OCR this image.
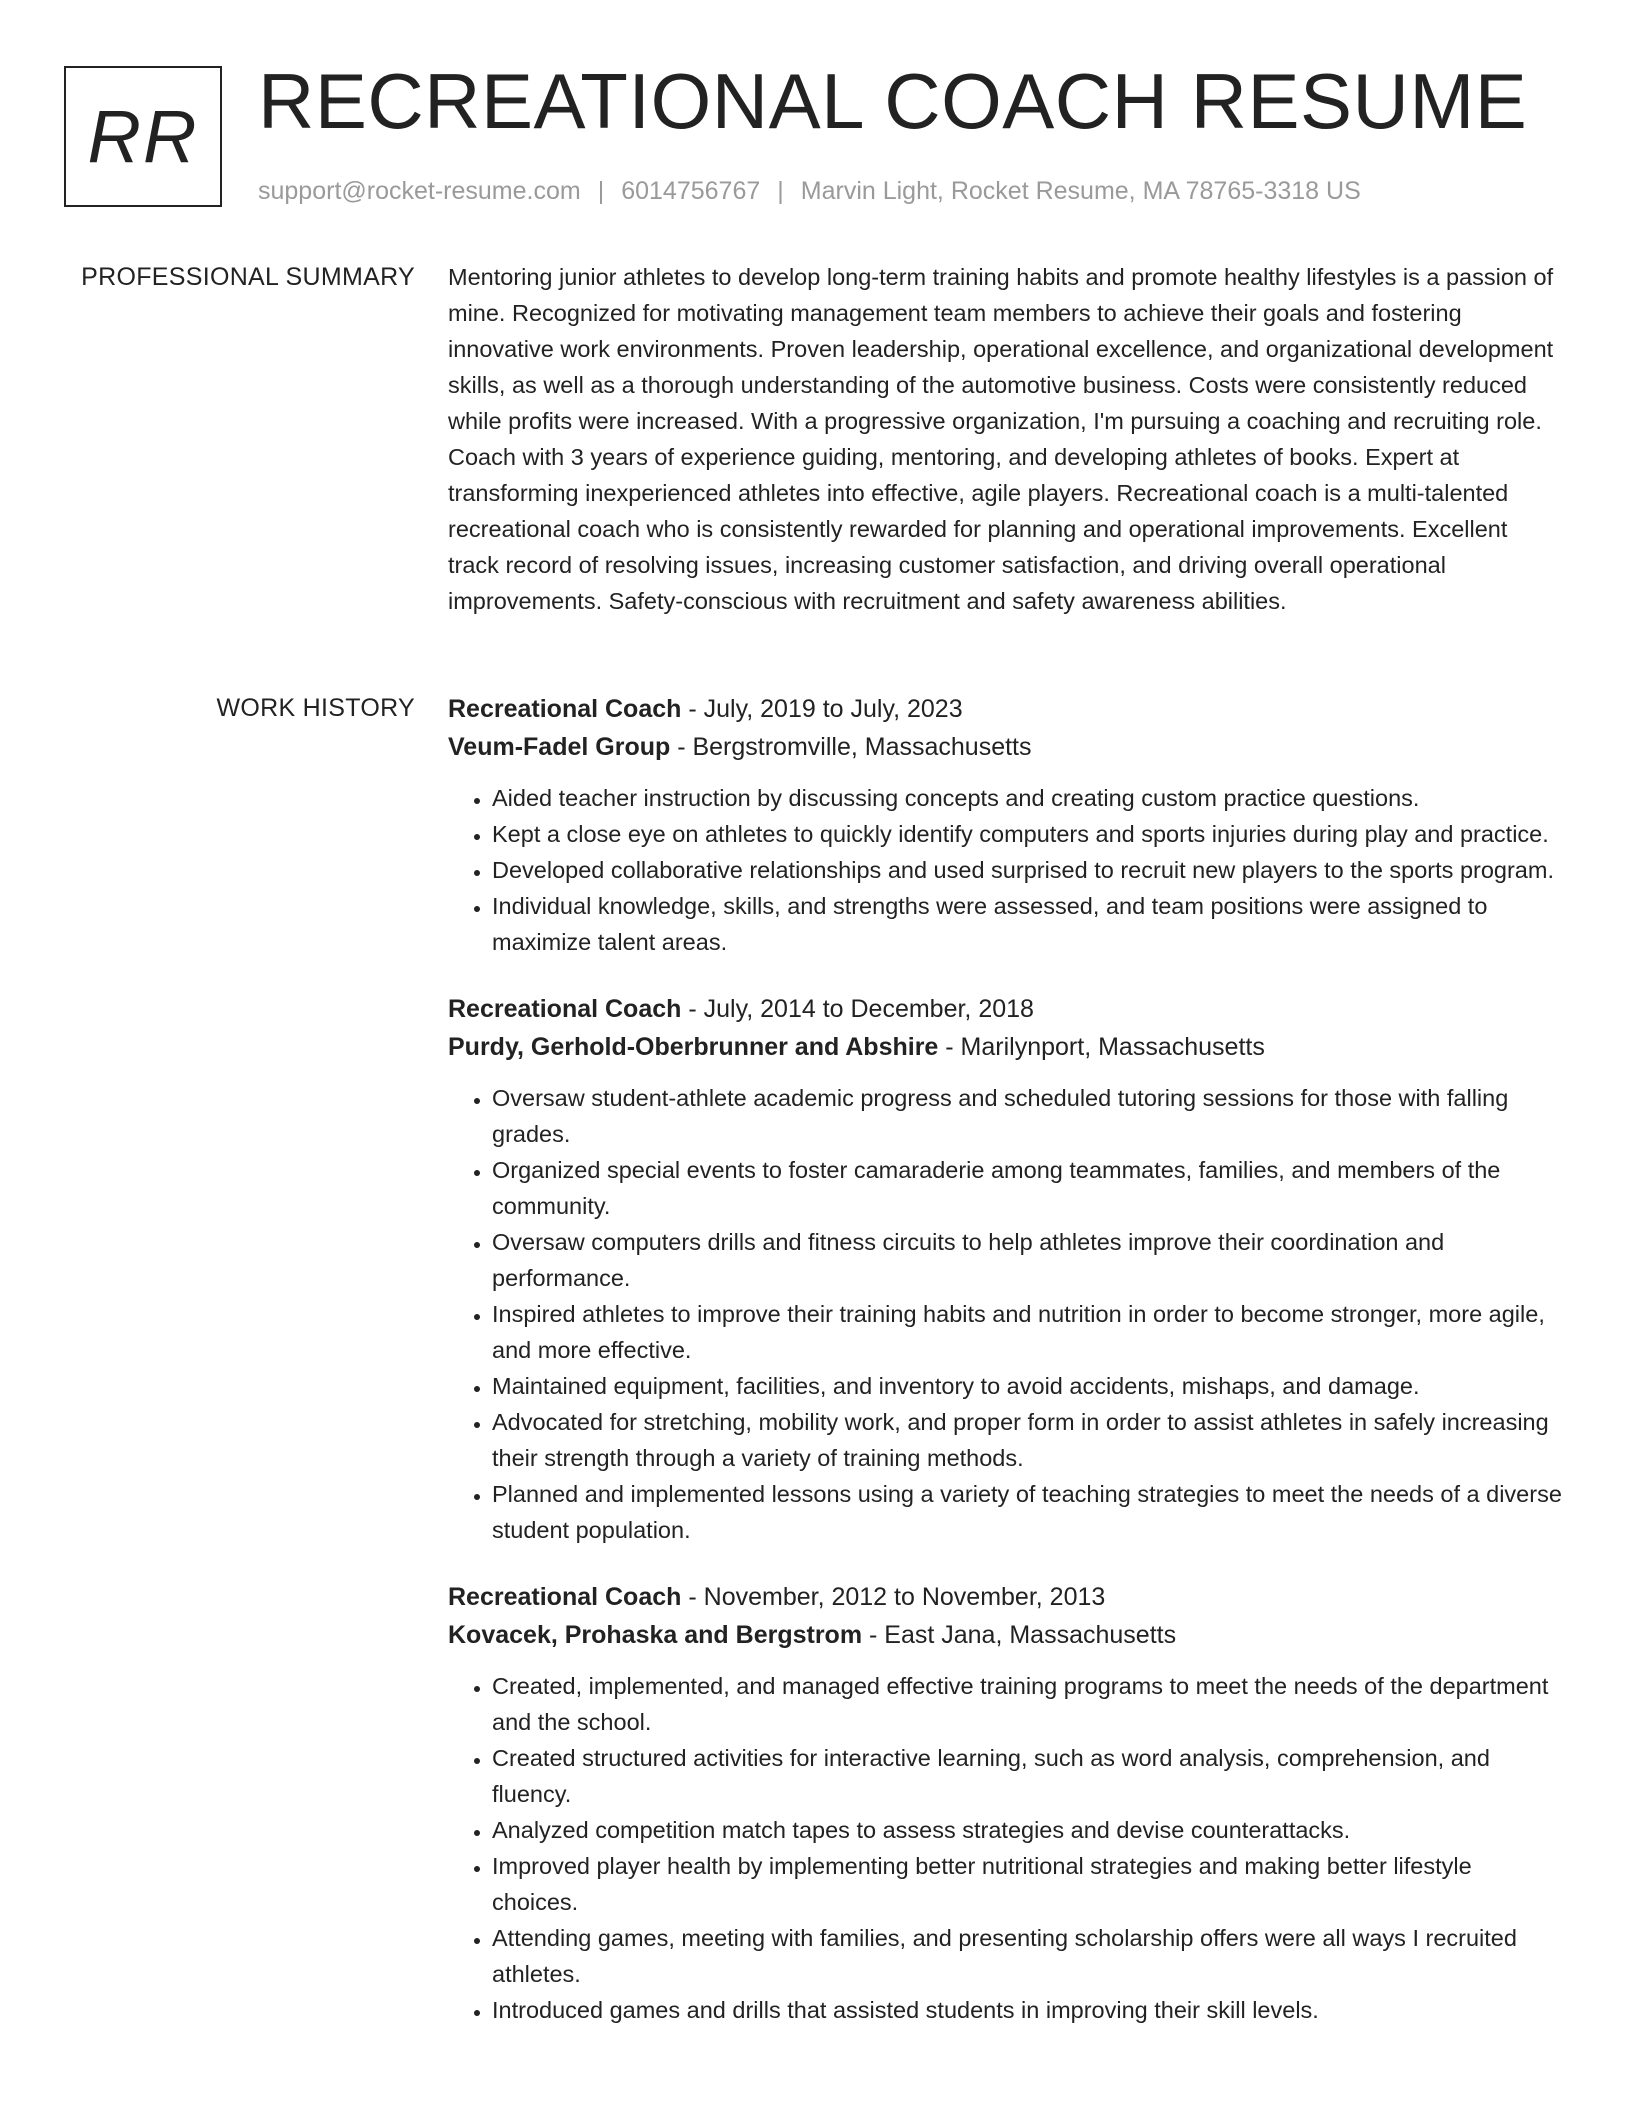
RR RECREATIONAL COACH RESUME
support@rocket-resume.com | 6014756767 | Marvin Light, Rocket Resume, MA 78765-3318 US
PROFESSIONAL SUMMARY Mentoring junior athletes to develop long-term training habits and promote healthy lifestyles is a passion of mine. Recognized for motivating management team members to achieve their goals and fostering innovative work environments. Proven leadership, operational excellence, and organizational development skills, as well as a thorough understanding of the automotive business. Costs were consistently reduced while profits were increased. With a progressive organization, I'm pursuing a coaching and recruiting role. Coach with 3 years of experience guiding, mentoring, and developing athletes of books. Expert at transforming inexperienced athletes into effective, agile players. Recreational coach is a multi-talented recreational coach who is consistently rewarded for planning and operational improvements. Excellent track record of resolving issues, increasing customer satisfaction, and driving overall operational improvements. Safety-conscious with recruitment and safety awareness abilities.

WORK HISTORY Recreational Coach - July, 2019 to July, 2023
Veum-Fadel Group - Bergstromville, Massachusetts
• Aided teacher instruction by discussing concepts and creating custom practice questions.
• Kept a close eye on athletes to quickly identify computers and sports injuries during play and practice.
• Developed collaborative relationships and used surprised to recruit new players to the sports program.
• Individual knowledge, skills, and strengths were assessed, and team positions were assigned to maximize talent areas.
Recreational Coach - July, 2014 to December, 2018
Purdy, Gerhold-Oberbrunner and Abshire - Marilynport, Massachusetts
• Oversaw student-athlete academic progress and scheduled tutoring sessions for those with falling grades.
• Organized special events to foster camaraderie among teammates, families, and members of the community.
• Oversaw computers drills and fitness circuits to help athletes improve their coordination and performance.
• Inspired athletes to improve their training habits and nutrition in order to become stronger, more agile, and more effective.
• Maintained equipment, facilities, and inventory to avoid accidents, mishaps, and damage.
• Advocated for stretching, mobility work, and proper form in order to assist athletes in safely increasing their strength through a variety of training methods.
• Planned and implemented lessons using a variety of teaching strategies to meet the needs of a diverse student population.
Recreational Coach - November, 2012 to November, 2013
Kovacek, Prohaska and Bergstrom - East Jana, Massachusetts
• Created, implemented, and managed effective training programs to meet the needs of the department and the school.
• Created structured activities for interactive learning, such as word analysis, comprehension, and fluency.
• Analyzed competition match tapes to assess strategies and devise counterattacks.
• Improved player health by implementing better nutritional strategies and making better lifestyle choices.
• Attending games, meeting with families, and presenting scholarship offers were all ways I recruited athletes.
• Introduced games and drills that assisted students in improving their skill levels.
